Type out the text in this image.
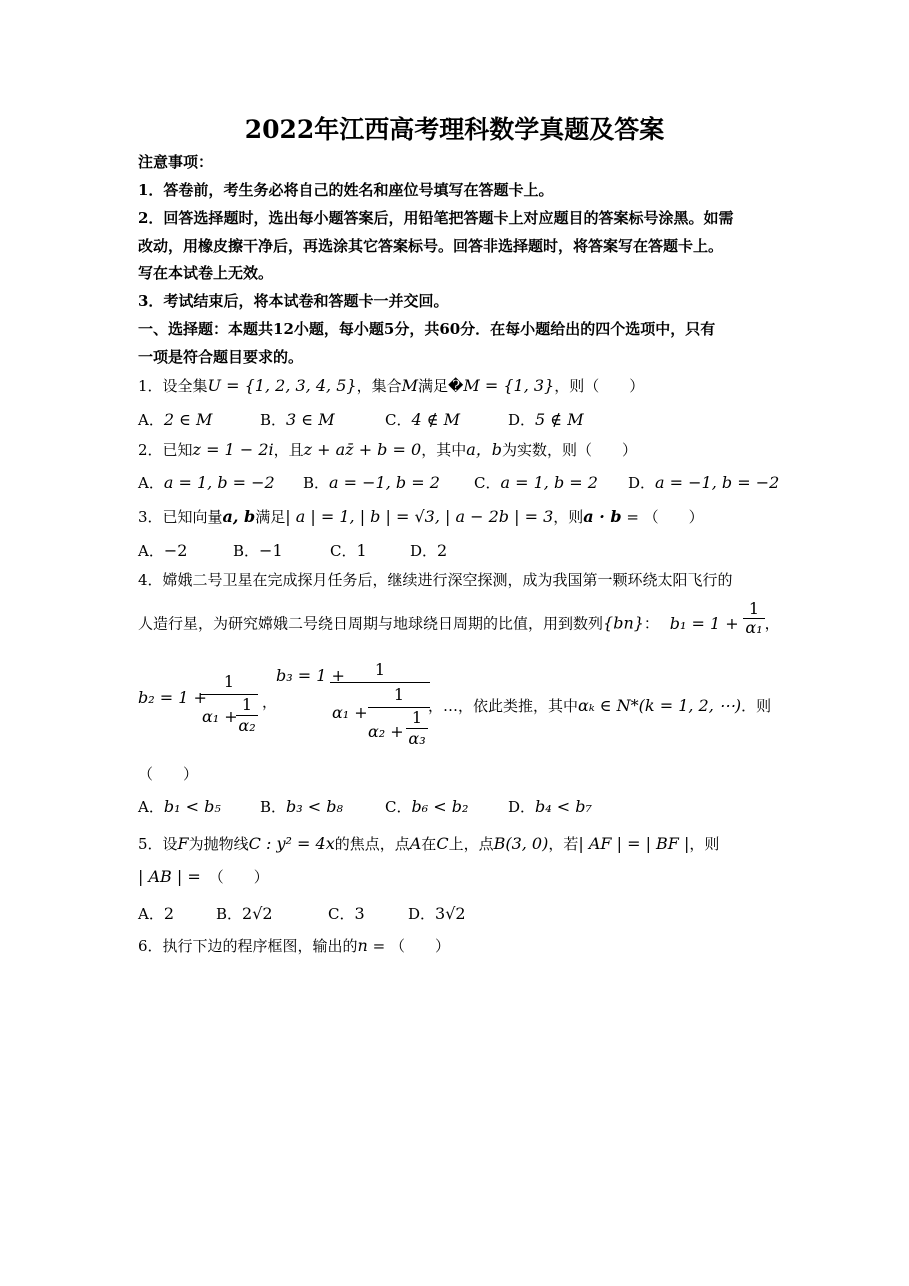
2022年江西高考理科数学真题及答案
注意事项：
1．答卷前，考生务必将自己的姓名和座位号填写在答题卡上。
2．回答选择题时，选出每小题答案后，用铅笔把答题卡上对应题目的答案标号涂黑。如需
改动，用橡皮擦干净后，再选涂其它答案标号。回答非选择题时，将答案写在答题卡上。
写在本试卷上无效。
3．考试结束后，将本试卷和答题卡一并交回。
一、选择题：本题共12小题，每小题5分，共60分．在每小题给出的四个选项中，只有
一项是符合题目要求的。
1．设全集U = {1, 2, 3, 4, 5}，集合M满足�M = {1, 3}，则（　　）
A．2 ∈ M	B．3 ∈ M	C．4 ∉ M	D．5 ∉ M
2．已知z = 1 − 2i，且z + az̄ + b = 0，其中a，b为实数，则（　　）
A．a = 1, b = −2 B．a = −1, b = 2 C．a = 1, b = 2 D．a = −1, b = −2
3．已知向量a, b满足| a | = 1, | b | = √3, | a − 2b | = 3，则a · b = （　　）
A．−2	B．−1	C．1	D．2
4．嫦娥二号卫星在完成探月任务后，继续进行深空探测，成为我国第一颗环绕太阳飞行的
人造行星，为研究嫦娥二号绕日周期与地球绕日周期的比值，用到数列{bn}： $b_1 = 1 + \frac{1}{\text{α₁}}$ ，
b₂ = 1 +
1
α₁ +
1
α₂
，
b₃ = 1 +	1
α₁ +
1
α₂ +
1
α₃
，…，依此类推，其中αₖ ∈ N*(k = 1, 2, ⋯)．则
（　　）
A．b₁ < b₅	B．b₃ < b₈	C．b₆ < b₂	D．b₄ < b₇
5．设F为抛物线C : y² = 4x的焦点，点A在C上，点B(3, 0)，若| AF | = | BF |，则
| AB | = （　　）
A．2	B．2√2	C．3	D．3√2
6．执行下边的程序框图，输出的n = （　　）
